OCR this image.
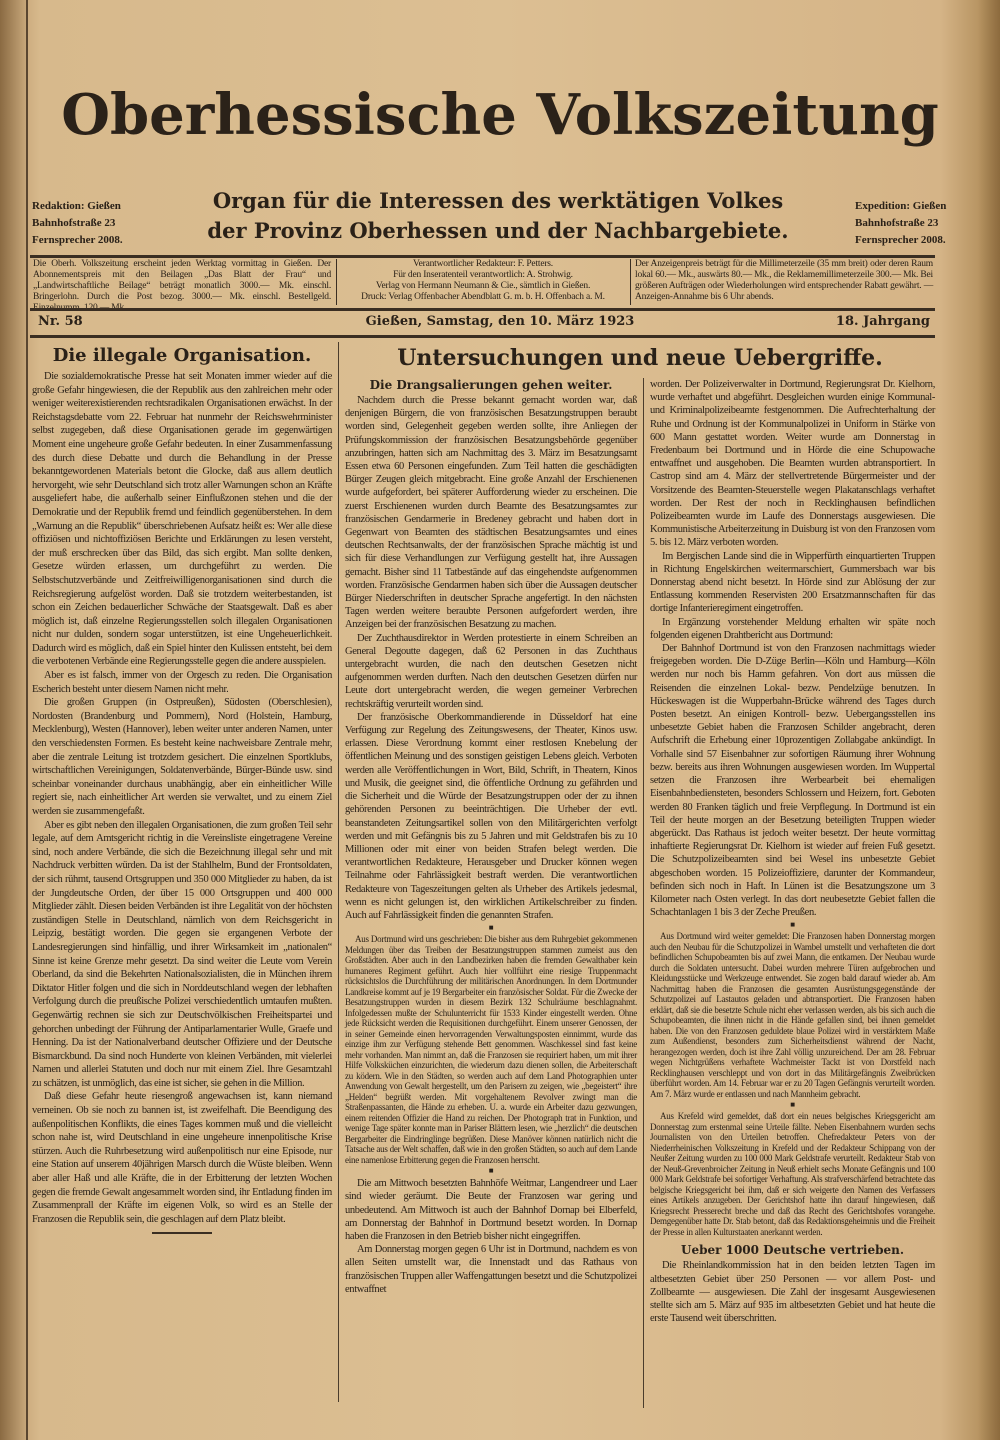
Oberhessische Volkszeitung
Redaktion: Gießen
Bahnhofstraße 23
Fernsprecher 2008.
Organ für die Interessen des werktätigen Volkes
der Provinz Oberhessen und der Nachbargebiete.
Expedition: Gießen
Bahnhofstraße 23
Fernsprecher 2008.
Die Oberh. Volkszeitung erscheint jeden Werktag vormittag in Gießen. Der Abonnementspreis mit den Beilagen „Das Blatt der Frau“ und „Landwirtschaftliche Beilage“ beträgt monatlich 3000.— Mk. einschl. Bringerlohn. Durch die Post bezog. 3000.— Mk. einschl. Bestellgeld.
Verantwortlicher Redakteur: F. Petters.
Für den Inseratenteil verantwortlich: A. Strohwig.
Verlag von Hermann Neumann & Cie., sämtlich in Gießen.
Druck: Verlag Offenbacher Abendblatt G. m. b. H. Offenbach a. M.
Der Anzeigenpreis beträgt für die Millimeterzeile (35 mm breit) oder deren Raum lokal 60.— Mk., auswärts 80.— Mk., die Reklamemillimeterzeile 300.— Mk. Bei größeren Aufträgen oder Wiederholungen wird entsprechender Rabatt gewährt. — Anzeigen-Annahme bis 6 Uhr abends.
Nr. 58	Gießen, Samstag, den 10. März 1923	18. Jahrgang
Die illegale Organisation.

Die sozialdemokratische Presse hat seit Monaten immer wieder auf die große Gefahr hingewiesen, die der Republik aus den zahlreichen mehr oder weniger weiterexistierenden rechtsradikalen Organisationen erwächst. In der Reichstagsdebatte vom 22. Februar hat nunmehr der Reichswehrminister selbst zugegeben, daß diese Organisationen gerade im gegenwärtigen Moment eine ungeheure große Gefahr bedeuten. In einer Zusammenfassung des durch diese Debatte und durch die Behandlung in der Presse bekanntgewordenen Materials betont die Glocke, daß aus allem deutlich hervorgeht, wie sehr Deutschland sich trotz aller Warnungen schon an Kräfte ausgeliefert habe, die außerhalb seiner Einflußzonen stehen und die der Demokratie und der Republik fremd und feindlich gegenüberstehen. In dem „Warnung an die Republik“ überschriebenen Aufsatz heißt es: Wer alle diese offiziösen und nichtoffiziösen Berichte und Erklärungen zu lesen versteht, der muß erschrecken über das Bild, das sich ergibt. Man sollte denken, Gesetze würden erlassen, um durchgeführt zu werden. Die Selbstschutzverbände und Zeitfreiwilligenorganisationen sind durch die Reichsregierung aufgelöst worden. Daß sie trotzdem weiterbestanden, ist schon ein Zeichen bedauerlicher Schwäche der Staatsgewalt. Daß es aber möglich ist, daß einzelne Regierungsstellen solch illegalen Organisationen nicht nur dulden, sondern sogar unterstützen, ist eine Ungeheuerlichkeit. Dadurch wird es möglich, daß ein Spiel hinter den Kulissen entsteht, bei dem die verbotenen Verbände eine Regierungsstelle gegen die andere ausspielen.

Aber es ist falsch, immer von der Orgesch zu reden. Die Organisation Escherich besteht unter diesem Namen nicht mehr.

Die großen Gruppen (in Ostpreußen), Südosten (Oberschlesien), Nordosten (Brandenburg und Pommern), Nord (Holstein, Hamburg, Mecklenburg), Westen (Hannover), leben weiter unter anderen Namen, unter den verschiedensten Formen. Es besteht keine nachweisbare Zentrale mehr, aber die zentrale Leitung ist trotzdem gesichert. Die einzelnen Sportklubs, wirtschaftlichen Vereinigungen, Soldatenverbände, Bürger-Bünde usw. sind scheinbar voneinander durchaus unabhängig, aber ein einheitlicher Wille regiert sie, nach einheitlicher Art werden sie verwaltet, und zu einem Ziel werden sie zusammengefaßt.

Aber es gibt neben den illegalen Organisationen, die zum großen Teil sehr legale, auf dem Amtsgericht richtig in die Vereinsliste eingetragene Vereine sind, noch andere Verbände, die sich die Bezeichnung illegal sehr und mit Nachdruck verbitten würden. Da ist der Stahlhelm, Bund der Frontsoldaten, der sich rühmt, tausend Ortsgruppen und 350 000 Mitglieder zu haben, da ist der Jungdeutsche Orden, der über 15 000 Ortsgruppen und 400 000 Mitglieder zählt. Diesen beiden Verbänden ist ihre Legalität von der höchsten zuständigen Stelle in Deutschland, nämlich von dem Reichsgericht in Leipzig, bestätigt worden. Die gegen sie ergangenen Verbote der Landesregierungen sind hinfällig, und ihrer Wirksamkeit im „nationalen“ Sinne ist keine Grenze mehr gesetzt. Da sind weiter die Leute vom Verein Oberland, da sind die Bekehrten Nationalsozialisten, die in München ihrem Diktator Hitler folgen und die sich in Norddeutschland wegen der lebhaften Verfolgung durch die preußische Polizei verschiedentlich umtaufen mußten. Gegenwärtig rechnen sie sich zur Deutschvölkischen Freiheitspartei und gehorchen unbedingt der Führung der Antiparlamentarier Wulle, Graefe und Henning. Da ist der Nationalverband deutscher Offiziere und der Deutsche Bismarckbund. Da sind noch Hunderte von kleinen Verbänden, mit vielerlei Namen und allerlei Statuten und doch nur mit einem Ziel. Ihre Gesamtzahl zu schätzen, ist unmöglich, das eine ist sicher, sie gehen in die Million.

Daß diese Gefahr heute riesengroß angewachsen ist, kann niemand verneinen. Ob sie noch zu bannen ist, ist zweifelhaft. Die Beendigung des außenpolitischen Konflikts, die eines Tages kommen muß und die vielleicht schon nahe ist, wird Deutschland in eine ungeheure innenpolitische Krise stürzen. Auch die Ruhrbesetzung wird außenpolitisch nur eine Episode, nur eine Station auf unserem 40jährigen Marsch durch die Wüste bleiben. Wenn aber aller Haß und alle Kräfte, die in der Erbitterung der letzten Wochen gegen die fremde Gewalt angesammelt worden sind, ihr Entladung finden im Zusammenprall der Kräfte im eigenen Volk, so wird es an Stelle der Franzosen die Republik sein, die geschlagen auf dem Platz bleibt.

Untersuchungen und neue Uebergriffe.
Die Drangsalierungen gehen weiter.

Nachdem durch die Presse bekannt gemacht worden war, daß denjenigen Bürgern, die von französischen Besatzungstruppen beraubt worden sind, Gelegenheit gegeben werden sollte, ihre Anliegen der Prüfungskommission der französischen Besatzungsbehörde gegenüber anzubringen, hatten sich am Nachmittag des 3. März im Besatzungsamt Essen etwa 60 Personen eingefunden. Zum Teil hatten die geschädigten Bürger Zeugen gleich mitgebracht. Eine große Anzahl der Erschienenen wurde aufgefordert, bei späterer Aufforderung wieder zu erscheinen. Die zuerst Erschienenen wurden durch Beamte des Besatzungsamtes zur französischen Gendarmerie in Bredeney gebracht und haben dort in Gegenwart von Beamten des städtischen Besatzungsamtes und eines deutschen Rechtsanwalts, der der französischen Sprache mächtig ist und sich für diese Verhandlungen zur Verfügung gestellt hat, ihre Aussagen gemacht. Bisher sind 11 Tatbestände auf das eingehendste aufgenommen worden. Französische Gendarmen haben sich über die Aussagen deutscher Bürger Niederschriften in deutscher Sprache angefertigt. In den nächsten Tagen werden weitere beraubte Personen aufgefordert werden, ihre Anzeigen bei der französischen Besatzung zu machen.

Der Zuchthausdirektor in Werden protestierte in einem Schreiben an General Degoutte dagegen, daß 62 Personen in das Zuchthaus untergebracht wurden, die nach den deutschen Gesetzen nicht aufgenommen werden durften. Nach den deutschen Gesetzen dürfen nur Leute dort untergebracht werden, die wegen gemeiner Verbrechen rechtskräftig verurteilt worden sind.

Der französische Oberkommandierende in Düsseldorf hat eine Verfügung zur Regelung des Zeitungswesens, der Theater, Kinos usw. erlassen. Diese Verordnung kommt einer restlosen Knebelung der öffentlichen Meinung und des sonstigen geistigen Lebens gleich. Verboten werden alle Veröffentlichungen in Wort, Bild, Schrift, in Theatern, Kinos und Musik, die geeignet sind, die öffentliche Ordnung zu gefährden und die Sicherheit und die Würde der Besatzungstruppen oder der zu ihnen gehörenden Personen zu beeinträchtigen. Die Urheber der evtl. beanstandeten Zeitungsartikel sollen von den Militärgerichten verfolgt werden und mit Gefängnis bis zu 5 Jahren und mit Geldstrafen bis zu 10 Millionen oder mit einer von beiden Strafen belegt werden. Die verantwortlichen Redakteure, Herausgeber und Drucker können wegen Teilnahme oder Fahrlässigkeit bestraft werden. Die verantwortlichen Redakteure von Tageszeitungen gelten als Urheber des Artikels jedesmal, wenn es nicht gelungen ist, den wirklichen Artikelschreiber zu finden. Auch auf Fahrlässigkeit finden die genannten Strafen.

■

Aus Dortmund wird uns geschrieben: Die bisher aus dem Ruhrgebiet gekommenen Meldungen über das Treiben der Besatzungstruppen stammen zumeist aus den Großstädten. Aber auch in den Landbezirken haben die fremden Gewalthaber kein humaneres Regiment geführt. Auch hier vollführt eine riesige Truppenmacht rücksichtslos die Durchführung der militärischen Anordnungen. In dem Dortmunder Landkreise kommt auf je 19 Bergarbeiter ein französischer Soldat. Für die Zwecke der Besatzungstruppen wurden in diesem Bezirk 132 Schulräume beschlagnahmt. Infolgedessen mußte der Schulunterricht für 1533 Kinder eingestellt werden. Ohne jede Rücksicht werden die Requisitionen durchgeführt. Einem unserer Genossen, der in seiner Gemeinde einen hervorragenden Verwaltungsposten einnimmt, wurde das einzige ihm zur Verfügung stehende Bett genommen. Waschkessel sind fast keine mehr vorhanden. Man nimmt an, daß die Franzosen sie requiriert haben, um mit ihrer Hilfe Volksküchen einzurichten, die wiederum dazu dienen sollen, die Arbeiterschaft zu ködern. Wie in den Städten, so werden auch auf dem Land Photographien unter Anwendung von Gewalt hergestellt, um den Parisern zu zeigen, wie „begeistert“ ihre „Helden“ begrüßt werden. Mit vorgehaltenem Revolver zwingt man die Straßenpassanten, die Hände zu erheben. U. a. wurde ein Arbeiter dazu gezwungen, einem reitenden Offizier die Hand zu reichen. Der Photograph trat in Funktion, und wenige Tage später konnte man in Pariser Blättern lesen, wie „herzlich“ die deutschen Bergarbeiter die Eindringlinge begrüßen. Diese Manöver können natürlich nicht die Tatsache aus der Welt schaffen, daß wie in den großen Städten, so auch auf dem Lande eine namenlose Erbitterung gegen die Franzosen herrscht.

■

Die am Mittwoch besetzten Bahnhöfe Weitmar, Langendreer und Laer sind wieder geräumt. Die Beute der Franzosen war gering und unbedeutend. Am Mittwoch ist auch der Bahnhof Dornap bei Elberfeld, am Donnerstag der Bahnhof in Dortmund besetzt worden. In Dornap haben die Franzosen in den Betrieb bisher nicht eingegriffen.

Am Donnerstag morgen gegen 6 Uhr ist in Dortmund, nachdem es von allen Seiten umstellt war, die Innenstadt und das Rathaus von französischen Truppen aller Waffengattungen besetzt und die Schutzpolizei entwaffnet

worden. Der Polizeiverwalter in Dortmund, Regierungsrat Dr. Kielhorn, wurde verhaftet und abgeführt. Desgleichen wurden einige Kommunal- und Kriminalpolizeibeamte festgenommen. Die Aufrechterhaltung der Ruhe und Ordnung ist der Kommunalpolizei in Uniform in Stärke von 600 Mann gestattet worden. Weiter wurde am Donnerstag in Fredenbaum bei Dortmund und in Hörde die eine Schupowache entwaffnet und ausgehoben. Die Beamten wurden abtransportiert. In Castrop sind am 4. März der stellvertretende Bürgermeister und der Vorsitzende des Beamten-Steuerstelle wegen Plakatanschlags verhaftet worden. Der Rest der noch in Recklinghausen befindlichen Polizeibeamten wurde im Laufe des Donnerstags ausgewiesen. Die Kommunistische Arbeiterzeitung in Duisburg ist von den Franzosen vom 5. bis 12. März verboten worden.

Im Bergischen Lande sind die in Wipperfürth einquartierten Truppen in Richtung Engelskirchen weitermarschiert, Gummersbach war bis Donnerstag abend nicht besetzt. In Hörde sind zur Ablösung der zur Entlassung kommenden Reservisten 200 Ersatzmannschaften für das dortige Infanterieregiment eingetroffen.

In Ergänzung vorstehender Meldung erhalten wir späte noch folgenden eigenen Drahtbericht aus Dortmund:

Der Bahnhof Dortmund ist von den Franzosen nachmittags wieder freigegeben worden. Die D-Züge Berlin—Köln und Hamburg—Köln werden nur noch bis Hamm gefahren. Von dort aus müssen die Reisenden die einzelnen Lokal- bezw. Pendelzüge benutzen. In Hückeswagen ist die Wupperbahn-Brücke während des Tages durch Posten besetzt. An einigen Kontroll- bezw. Uebergangsstellen ins unbesetzte Gebiet haben die Franzosen Schilder angebracht, deren Aufschrift die Erhebung einer 10prozentigen Zollabgabe ankündigt. In Vorhalle sind 57 Eisenbahner zur sofortigen Räumung ihrer Wohnung bezw. bereits aus ihren Wohnungen ausgewiesen worden. Im Wuppertal setzen die Franzosen ihre Werbearbeit bei ehemaligen Eisenbahnbediensteten, besonders Schlossern und Heizern, fort. Geboten werden 80 Franken täglich und freie Verpflegung. In Dortmund ist ein Teil der heute morgen an der Besetzung beteiligten Truppen wieder abgerückt. Das Rathaus ist jedoch weiter besetzt. Der heute vormittag inhaftierte Regierungsrat Dr. Kielhorn ist wieder auf freien Fuß gesetzt. Die Schutzpolizeibeamten sind bei Wesel ins unbesetzte Gebiet abgeschoben worden. 15 Polizeioffiziere, darunter der Kommandeur, befinden sich noch in Haft. In Lünen ist die Besatzungszone um 3 Kilometer nach Osten verlegt. In das dort neubesetzte Gebiet fallen die Schachtanlagen 1 bis 3 der Zeche Preußen.

■

Aus Dortmund wird weiter gemeldet: Die Franzosen haben Donnerstag morgen auch den Neubau für die Schutzpolizei in Wambel umstellt und verhafteten die dort befindlichen Schupobeamten bis auf zwei Mann, die entkamen. Der Neubau wurde durch die Soldaten untersucht. Dabei wurden mehrere Türen aufgebrochen und Kleidungsstücke und Werkzeuge entwendet. Sie zogen bald darauf wieder ab. Am Nachmittag haben die Franzosen die gesamten Ausrüstungsgegenstände der Schutzpolizei auf Lastautos geladen und abtransportiert. Die Franzosen haben erklärt, daß sie die besetzte Schule nicht eher verlassen werden, als bis sich auch die Schupobeamten, die ihnen nicht in die Hände gefallen sind, bei ihnen gemeldet haben. Die von den Franzosen geduldete blaue Polizei wird in verstärktem Maße zum Außendienst, besonders zum Sicherheitsdienst während der Nacht, herangezogen werden, doch ist ihre Zahl völlig unzureichend. Der am 28. Februar wegen Nichtgrüßens verhaftete Wachmeister Tackt ist von Dorstfeld nach Recklinghausen verschleppt und von dort in das Militärgefängnis Zweibrücken überführt worden. Am 14. Februar war er zu 20 Tagen Gefängnis verurteilt worden. Am 7. März wurde er entlassen und nach Mannheim gebracht.

■

Aus Krefeld wird gemeldet, daß dort ein neues belgisches Kriegsgericht am Donnerstag zum erstenmal seine Urteile fällte. Neben Eisenbahnern wurden sechs Journalisten von den Urteilen betroffen. Chefredakteur Peters von der Niederrheinischen Volkszeitung in Krefeld und der Redakteur Schippang von der Neußer Zeitung wurden zu 100 000 Mark Geldstrafe verurteilt. Redakteur Stab von der Neuß-Grevenbroicher Zeitung in Neuß erhielt sechs Monate Gefängnis und 100 000 Mark Geldstrafe bei sofortiger Verhaftung. Als strafverschärfend betrachtete das belgische Kriegsgericht bei ihm, daß er sich weigerte den Namen des Verfassers eines Artikels anzugeben. Der Gerichtshof hatte ihn darauf hingewiesen, daß Kriegsrecht Presserecht breche und daß das Recht des Gerichtshofes vorangehe. Demgegenüber hatte Dr. Stab betont, daß das Redaktionsgeheimnis und die Freiheit der Presse in allen Kulturstaaten anerkannt werden.

Ueber 1000 Deutsche vertrieben.

Die Rheinlandkommission hat in den beiden letzten Tagen im altbesetzten Gebiet über 250 Personen — vor allem Post- und Zollbeamte — ausgewiesen. Die Zahl der insgesamt Ausgewiesenen stellte sich am 5. März auf 935 im altbesetzten Gebiet und hat heute die erste Tausend weit überschritten.
